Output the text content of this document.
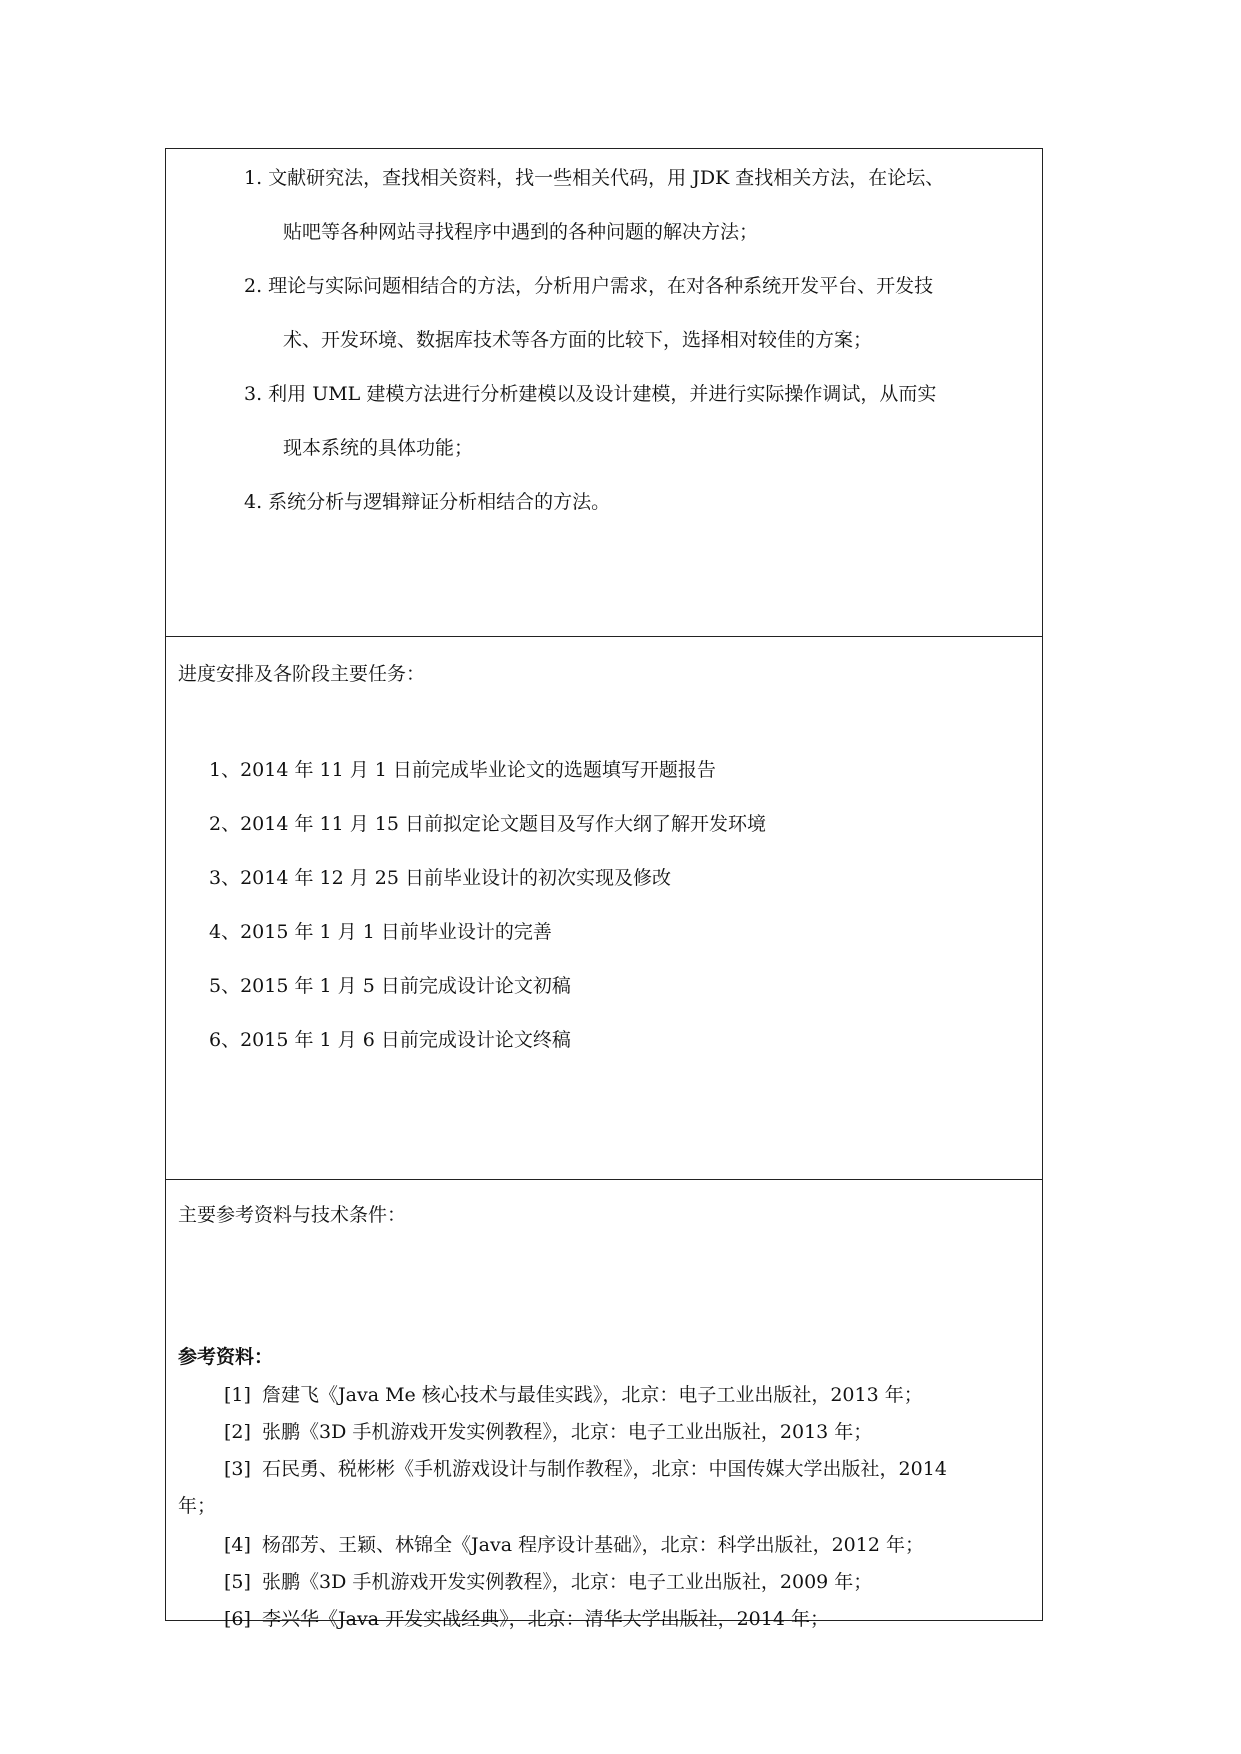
1. 文献研究法，查找相关资料，找一些相关代码，用 JDK 查找相关方法，在论坛、
贴吧等各种网站寻找程序中遇到的各种问题的解决方法；
2. 理论与实际问题相结合的方法，分析用户需求，在对各种系统开发平台、开发技
术、开发环境、数据库技术等各方面的比较下，选择相对较佳的方案；
3. 利用 UML 建模方法进行分析建模以及设计建模，并进行实际操作调试，从而实
现本系统的具体功能；
4. 系统分析与逻辑辩证分析相结合的方法。
进度安排及各阶段主要任务：
1、2014 年 11 月 1 日前完成毕业论文的选题填写开题报告
2、2014 年 11 月 15 日前拟定论文题目及写作大纲了解开发环境
3、2014 年 12 月 25 日前毕业设计的初次实现及修改
4、2015 年 1 月 1 日前毕业设计的完善
5、2015 年 1 月 5 日前完成设计论文初稿
6、2015 年 1 月 6 日前完成设计论文终稿
主要参考资料与技术条件：
参考资料：
[1] 詹建飞《Java Me 核心技术与最佳实践》，北京：电子工业出版社，2013 年；
[2] 张鹏《3D 手机游戏开发实例教程》，北京：电子工业出版社，2013 年；
[3] 石民勇、税彬彬《手机游戏设计与制作教程》，北京：中国传媒大学出版社，2014
年；
[4] 杨邵芳、王颖、林锦全《Java 程序设计基础》，北京：科学出版社，2012 年；
[5] 张鹏《3D 手机游戏开发实例教程》，北京：电子工业出版社，2009 年；
[6] 李兴华《Java 开发实战经典》，北京：清华大学出版社，2014 年；
